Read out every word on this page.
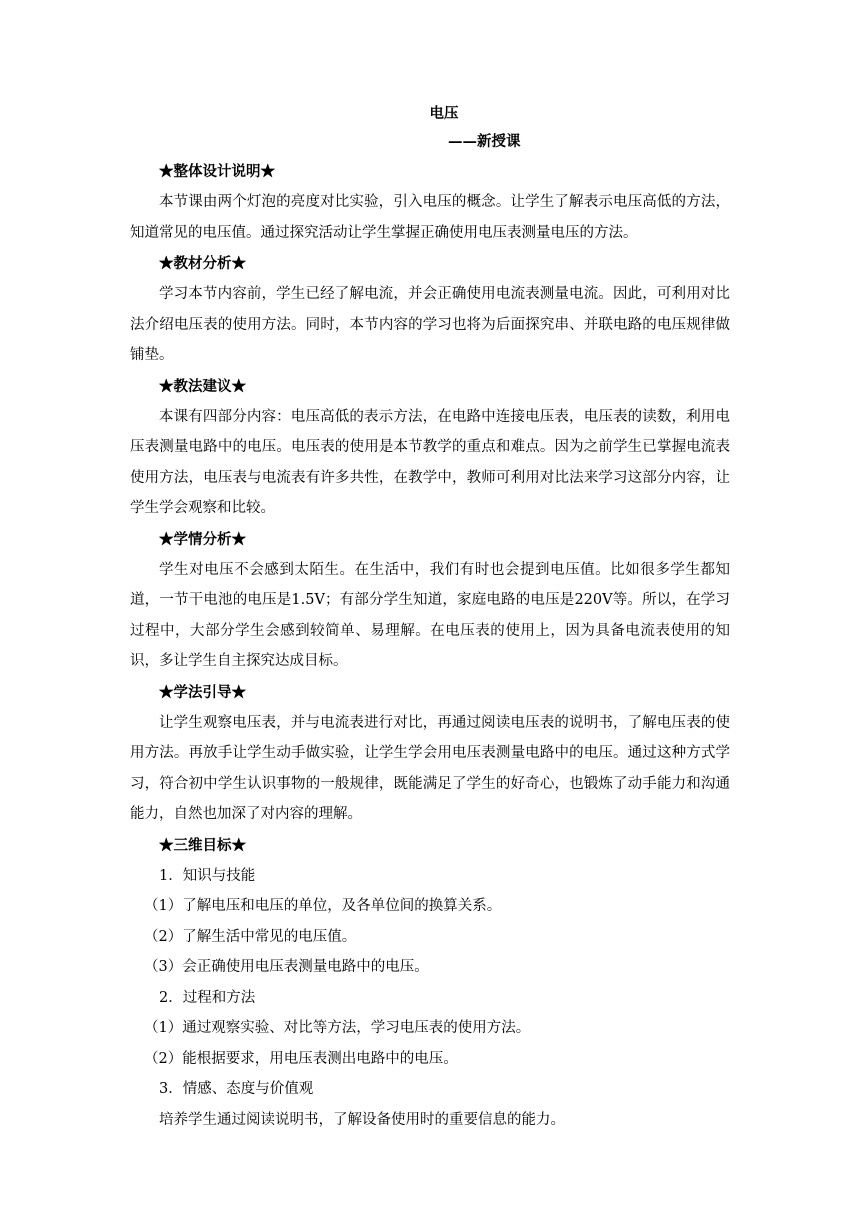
电压

——新授课

★整体设计说明★

本节课由两个灯泡的亮度对比实验，引入电压的概念。让学生了解表示电压高低的方法，知道常见的电压值。通过探究活动让学生掌握正确使用电压表测量电压的方法。

★教材分析★

学习本节内容前，学生已经了解电流，并会正确使用电流表测量电流。因此，可利用对比法介绍电压表的使用方法。同时，本节内容的学习也将为后面探究串、并联电路的电压规律做铺垫。

★教法建议★

本课有四部分内容：电压高低的表示方法，在电路中连接电压表，电压表的读数，利用电压表测量电路中的电压。电压表的使用是本节教学的重点和难点。因为之前学生已掌握电流表使用方法，电压表与电流表有许多共性，在教学中，教师可利用对比法来学习这部分内容，让学生学会观察和比较。

★学情分析★

学生对电压不会感到太陌生。在生活中，我们有时也会提到电压值。比如很多学生都知道，一节干电池的电压是1.5V；有部分学生知道，家庭电路的电压是220V等。所以，在学习过程中，大部分学生会感到较简单、易理解。在电压表的使用上，因为具备电流表使用的知识，多让学生自主探究达成目标。

★学法引导★

让学生观察电压表，并与电流表进行对比，再通过阅读电压表的说明书，了解电压表的使用方法。再放手让学生动手做实验，让学生学会用电压表测量电路中的电压。通过这种方式学习，符合初中学生认识事物的一般规律，既能满足了学生的好奇心，也锻炼了动手能力和沟通能力，自然也加深了对内容的理解。

★三维目标★

1．知识与技能

（1）了解电压和电压的单位，及各单位间的换算关系。

（2）了解生活中常见的电压值。

（3）会正确使用电压表测量电路中的电压。

2．过程和方法

（1）通过观察实验、对比等方法，学习电压表的使用方法。

（2）能根据要求，用电压表测出电路中的电压。

3．情感、态度与价值观

培养学生通过阅读说明书，了解设备使用时的重要信息的能力。
